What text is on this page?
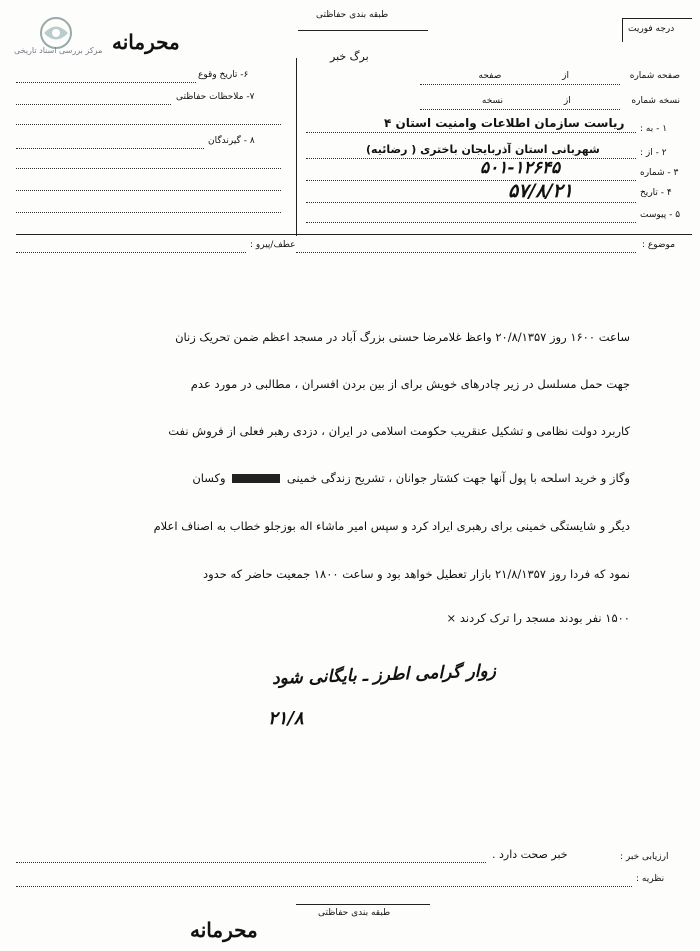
مرکز بررسی اسناد تاریخی محرمانه
طبقه بندی حفاظتی
برگ خبر
درجه فوریت
صفحه شماره  از  صفحه
نسخه شماره  از  نسخه
۶- تاریخ وقوع
۷- ملاحظات حفاظتی
۸ - گیرندگان
۱ - به :
ریاست سازمان اطلاعات وامنیت استان ۴
۲ - از :
شهربانی استان آذربایجان باختری ( رضائیه)
۳ - شماره
۵۰۱-۱۲۶۴۵
۴ - تاریخ
۵۷/۸/۲۱
۵ - پیوست
موضوع :
عطف/پیرو :
ساعت ۱۶۰۰ روز ۲۰/۸/۱۳۵۷ واعظ غلامرضا حسنی بزرگ آباد در مسجد اعظم ضمن تحریک زنان
جهت حمل مسلسل در زیر چادرهای خویش برای از بین بردن افسران ، مطالبی در مورد عدم
کاربرد دولت نظامی و تشکیل عنقریب حکومت اسلامی در ایران ، دزدی رهبر فعلی از فروش نفت
وگاز و خرید اسلحه با پول آنها جهت کشتار جوانان ، تشریح زندگی خمینی  وکسان
دیگر و شایستگی خمینی برای رهبری ایراد کرد و سپس امیر ماشاء اله بوزجلو خطاب به اصناف اعلام
نمود که فردا روز ۲۱/۸/۱۳۵۷ بازار تعطیل خواهد بود و ساعت ۱۸۰۰ جمعیت حاضر که حدود
۱۵۰۰ نفر بودند مسجد را ترک کردند ×
زوار گرامی اطرز ـ بایگانی شود
۲۱/۸
ارزیابی خبر :
خبر صحت دارد .
نظریه :
طبقه بندی حفاظتی
محرمانه
